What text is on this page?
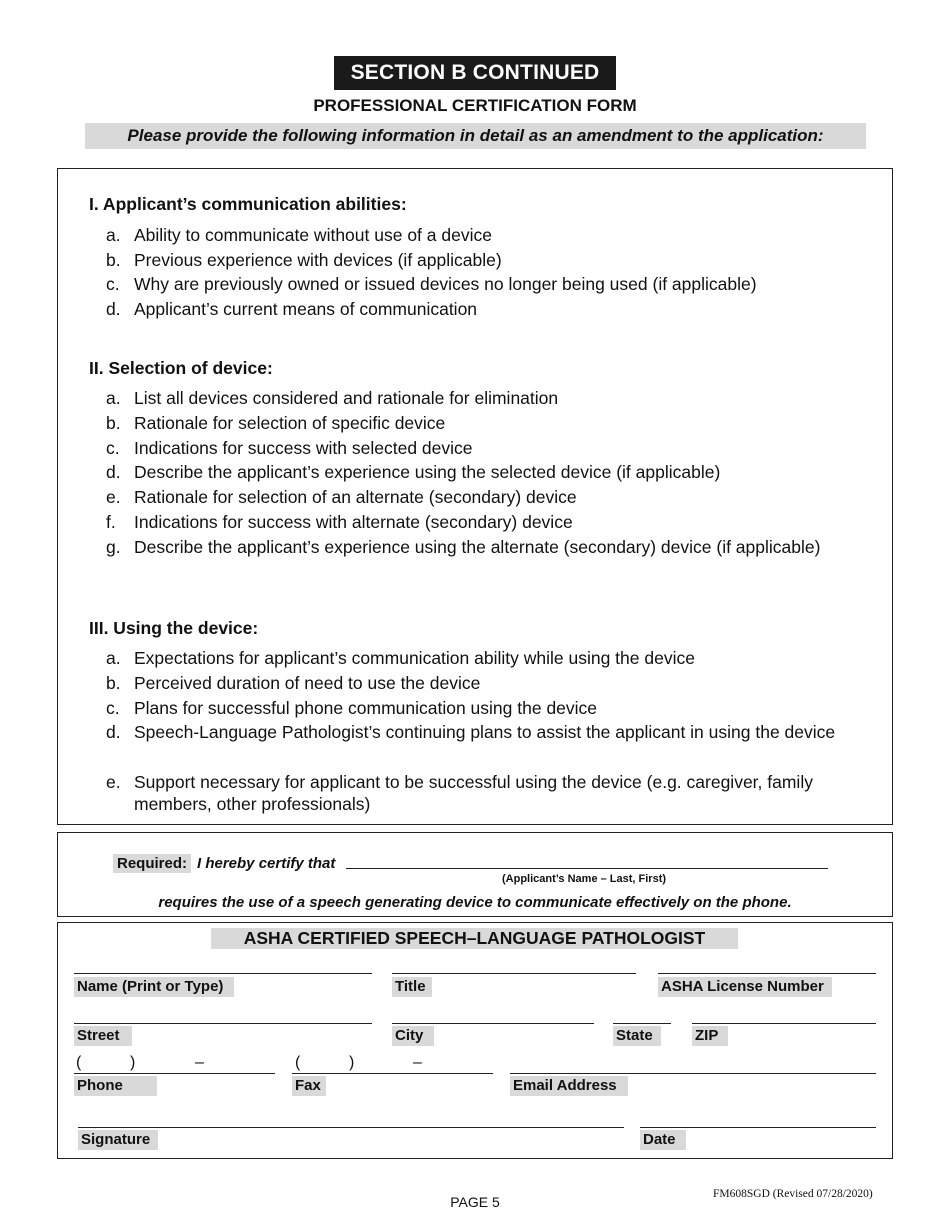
SECTION B CONTINUED
PROFESSIONAL CERTIFICATION FORM
Please provide the following information in detail as an amendment to the application:
I. Applicant’s communication abilities:
a. Ability to communicate without use of a device
b. Previous experience with devices (if applicable)
c. Why are previously owned or issued devices no longer being used (if applicable)
d. Applicant’s current means of communication
II. Selection of device:
a. List all devices considered and rationale for elimination
b. Rationale for selection of specific device
c. Indications for success with selected device
d. Describe the applicant’s experience using the selected device (if applicable)
e. Rationale for selection of an alternate (secondary) device
f.	Indications for success with alternate (secondary) device
g. Describe the applicant’s experience using the alternate (secondary) device (if applicable)
III. Using the device:
a. Expectations for applicant’s communication ability while using the device
b. Perceived duration of need to use the device
c. Plans for successful phone communication using the device
d. Speech-Language Pathologist’s continuing plans to assist the applicant in using the device
e. Support necessary for applicant to be successful using the device (e.g. caregiver, family members, other professionals)
Required: I hereby certify that
(Applicant’s Name – Last, First)
requires the use of a speech generating device to communicate effectively on the phone.
ASHA CERTIFIED SPEECH–LANGUAGE PATHOLOGIST
Name (Print or Type)	Title	ASHA License Number
Street	City	State	ZIP
(	)	–
Phone
(	)	–
Fax	Email Address
Signature	Date
PAGE 5	FM608SGD (Revised 07/28/2020)
